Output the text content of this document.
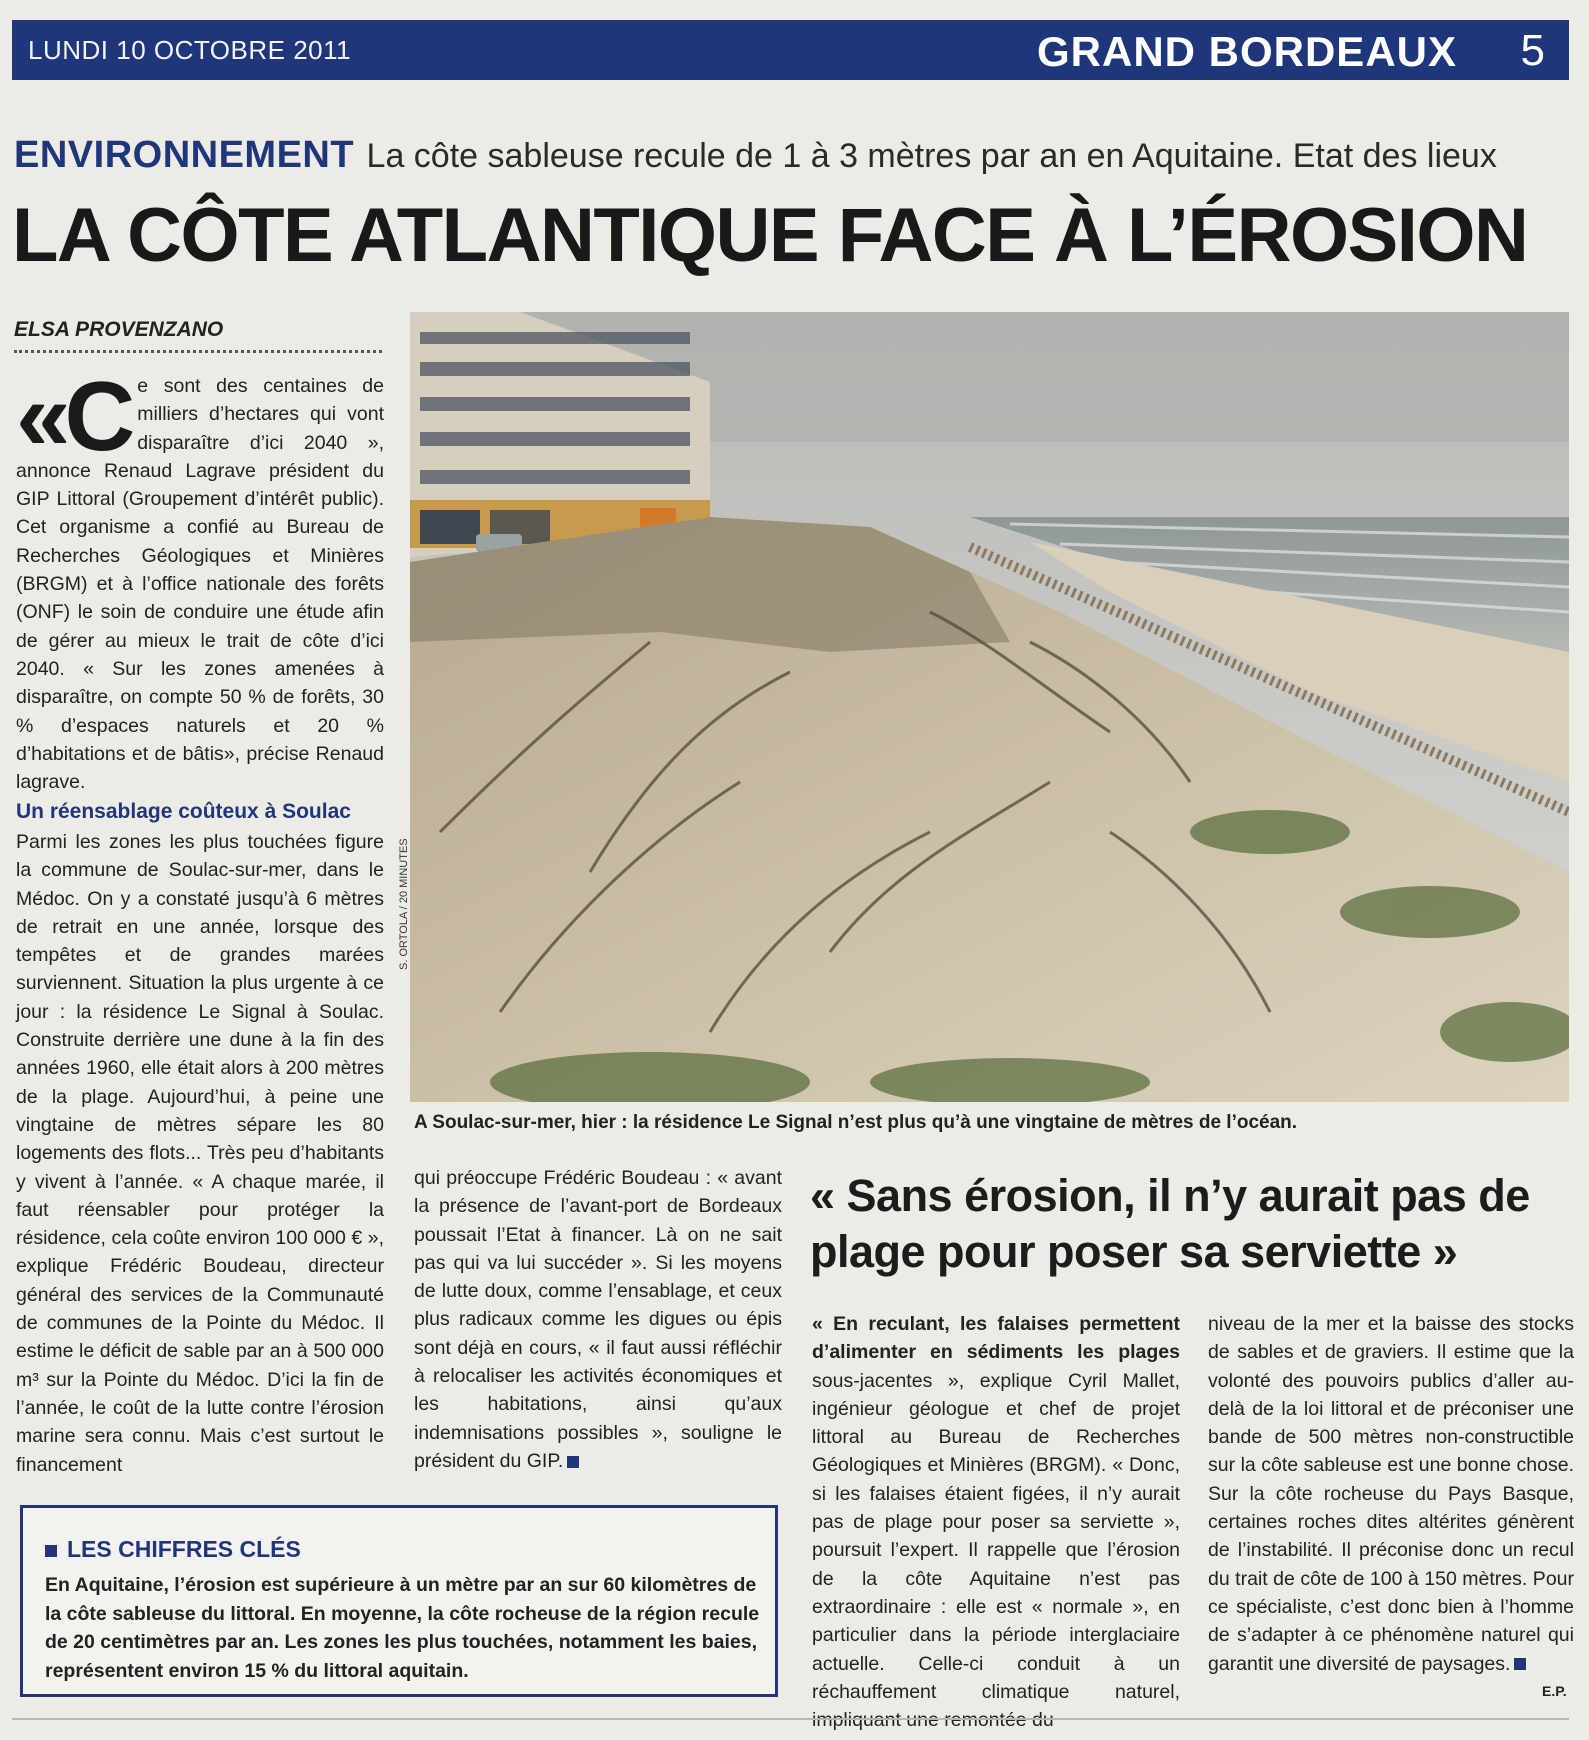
LUNDI 10 OCTOBRE 2011	GRAND BORDEAUX 5
ENVIRONNEMENT La côte sableuse recule de 1 à 3 mètres par an en Aquitaine. Etat des lieux
LA CÔTE ATLANTIQUE FACE À L’ÉROSION
ELSA PROVENZANO
«C e sont des centaines de milliers d’hectares qui vont disparaître d’ici 2040 », annonce Renaud Lagrave président du GIP Littoral (Groupement d’intérêt public). Cet organisme a confié au Bureau de Recherches Géologiques et Minières (BRGM) et à l’office nationale des forêts (ONF) le soin de conduire une étude afin de gérer au mieux le trait de côte d’ici 2040. « Sur les zones amenées à disparaître, on compte 50 % de forêts, 30 % d’espaces naturels et 20 % d’habitations et de bâtis», précise Renaud lagrave.
Un réensablage coûteux à Soulac
Parmi les zones les plus touchées figure la commune de Soulac-sur-mer, dans le Médoc. On y a constaté jusqu’à 6 mètres de retrait en une année, lorsque des tempêtes et de grandes marées surviennent. Situation la plus urgente à ce jour : la résidence Le Signal à Soulac. Construite derrière une dune à la fin des années 1960, elle était alors à 200 mètres de la plage. Aujourd’hui, à peine une vingtaine de mètres sépare les 80 logements des flots... Très peu d’habitants y vivent à l’année. « A chaque marée, il faut réensabler pour protéger la résidence, cela coûte environ 100 000 € », explique Frédéric Boudeau, directeur général des services de la Communauté de communes de la Pointe du Médoc. Il estime le déficit de sable par an à 500 000 m³ sur la Pointe du Médoc. D’ici la fin de l’année, le coût de la lutte contre l’érosion marine sera connu. Mais c’est surtout le financement
S. ORTOLA / 20 MINUTES
A Soulac-sur-mer, hier : la résidence Le Signal n’est plus qu’à une vingtaine de mètres de l’océan.
qui préoccupe Frédéric Boudeau : « avant la présence de l’avant-port de Bordeaux poussait l’Etat à financer. Là on ne sait pas qui va lui succéder ». Si les moyens de lutte doux, comme l’ensablage, et ceux plus radicaux comme les digues ou épis sont déjà en cours, « il faut aussi réfléchir à relocaliser les activités économiques et les habitations, ainsi qu’aux indemnisations possibles », souligne le président du GIP.
« Sans érosion, il n’y aurait pas de plage pour poser sa serviette »
« En reculant, les falaises permettent d’alimenter en sédiments les plages sous-jacentes », explique Cyril Mallet, ingénieur géologue et chef de projet littoral au Bureau de Recherches Géologiques et Minières (BRGM). « Donc, si les falaises étaient figées, il n’y aurait pas de plage pour poser sa serviette », poursuit l’expert. Il rappelle que l’érosion de la côte Aquitaine n’est pas extraordinaire : elle est « normale », en particulier dans la période interglaciaire actuelle. Celle-ci conduit à un réchauffement climatique naturel, impliquant une remontée du
niveau de la mer et la baisse des stocks de sables et de graviers. Il estime que la volonté des pouvoirs publics d’aller au-delà de la loi littoral et de préconiser une bande de 500 mètres non-constructible sur la côte sableuse est une bonne chose. Sur la côte rocheuse du Pays Basque, certaines roches dites altérites génèrent de l’instabilité. Il préconise donc un recul du trait de côte de 100 à 150 mètres. Pour ce spécialiste, c’est donc bien à l’homme de s’adapter à ce phénomène naturel qui garantit une diversité de paysages.
E.P.
LES CHIFFRES CLÉS
En Aquitaine, l’érosion est supérieure à un mètre par an sur 60 kilomètres de la côte sableuse du littoral. En moyenne, la côte rocheuse de la région recule de 20 centimètres par an. Les zones les plus touchées, notamment les baies, représentent environ 15 % du littoral aquitain.
